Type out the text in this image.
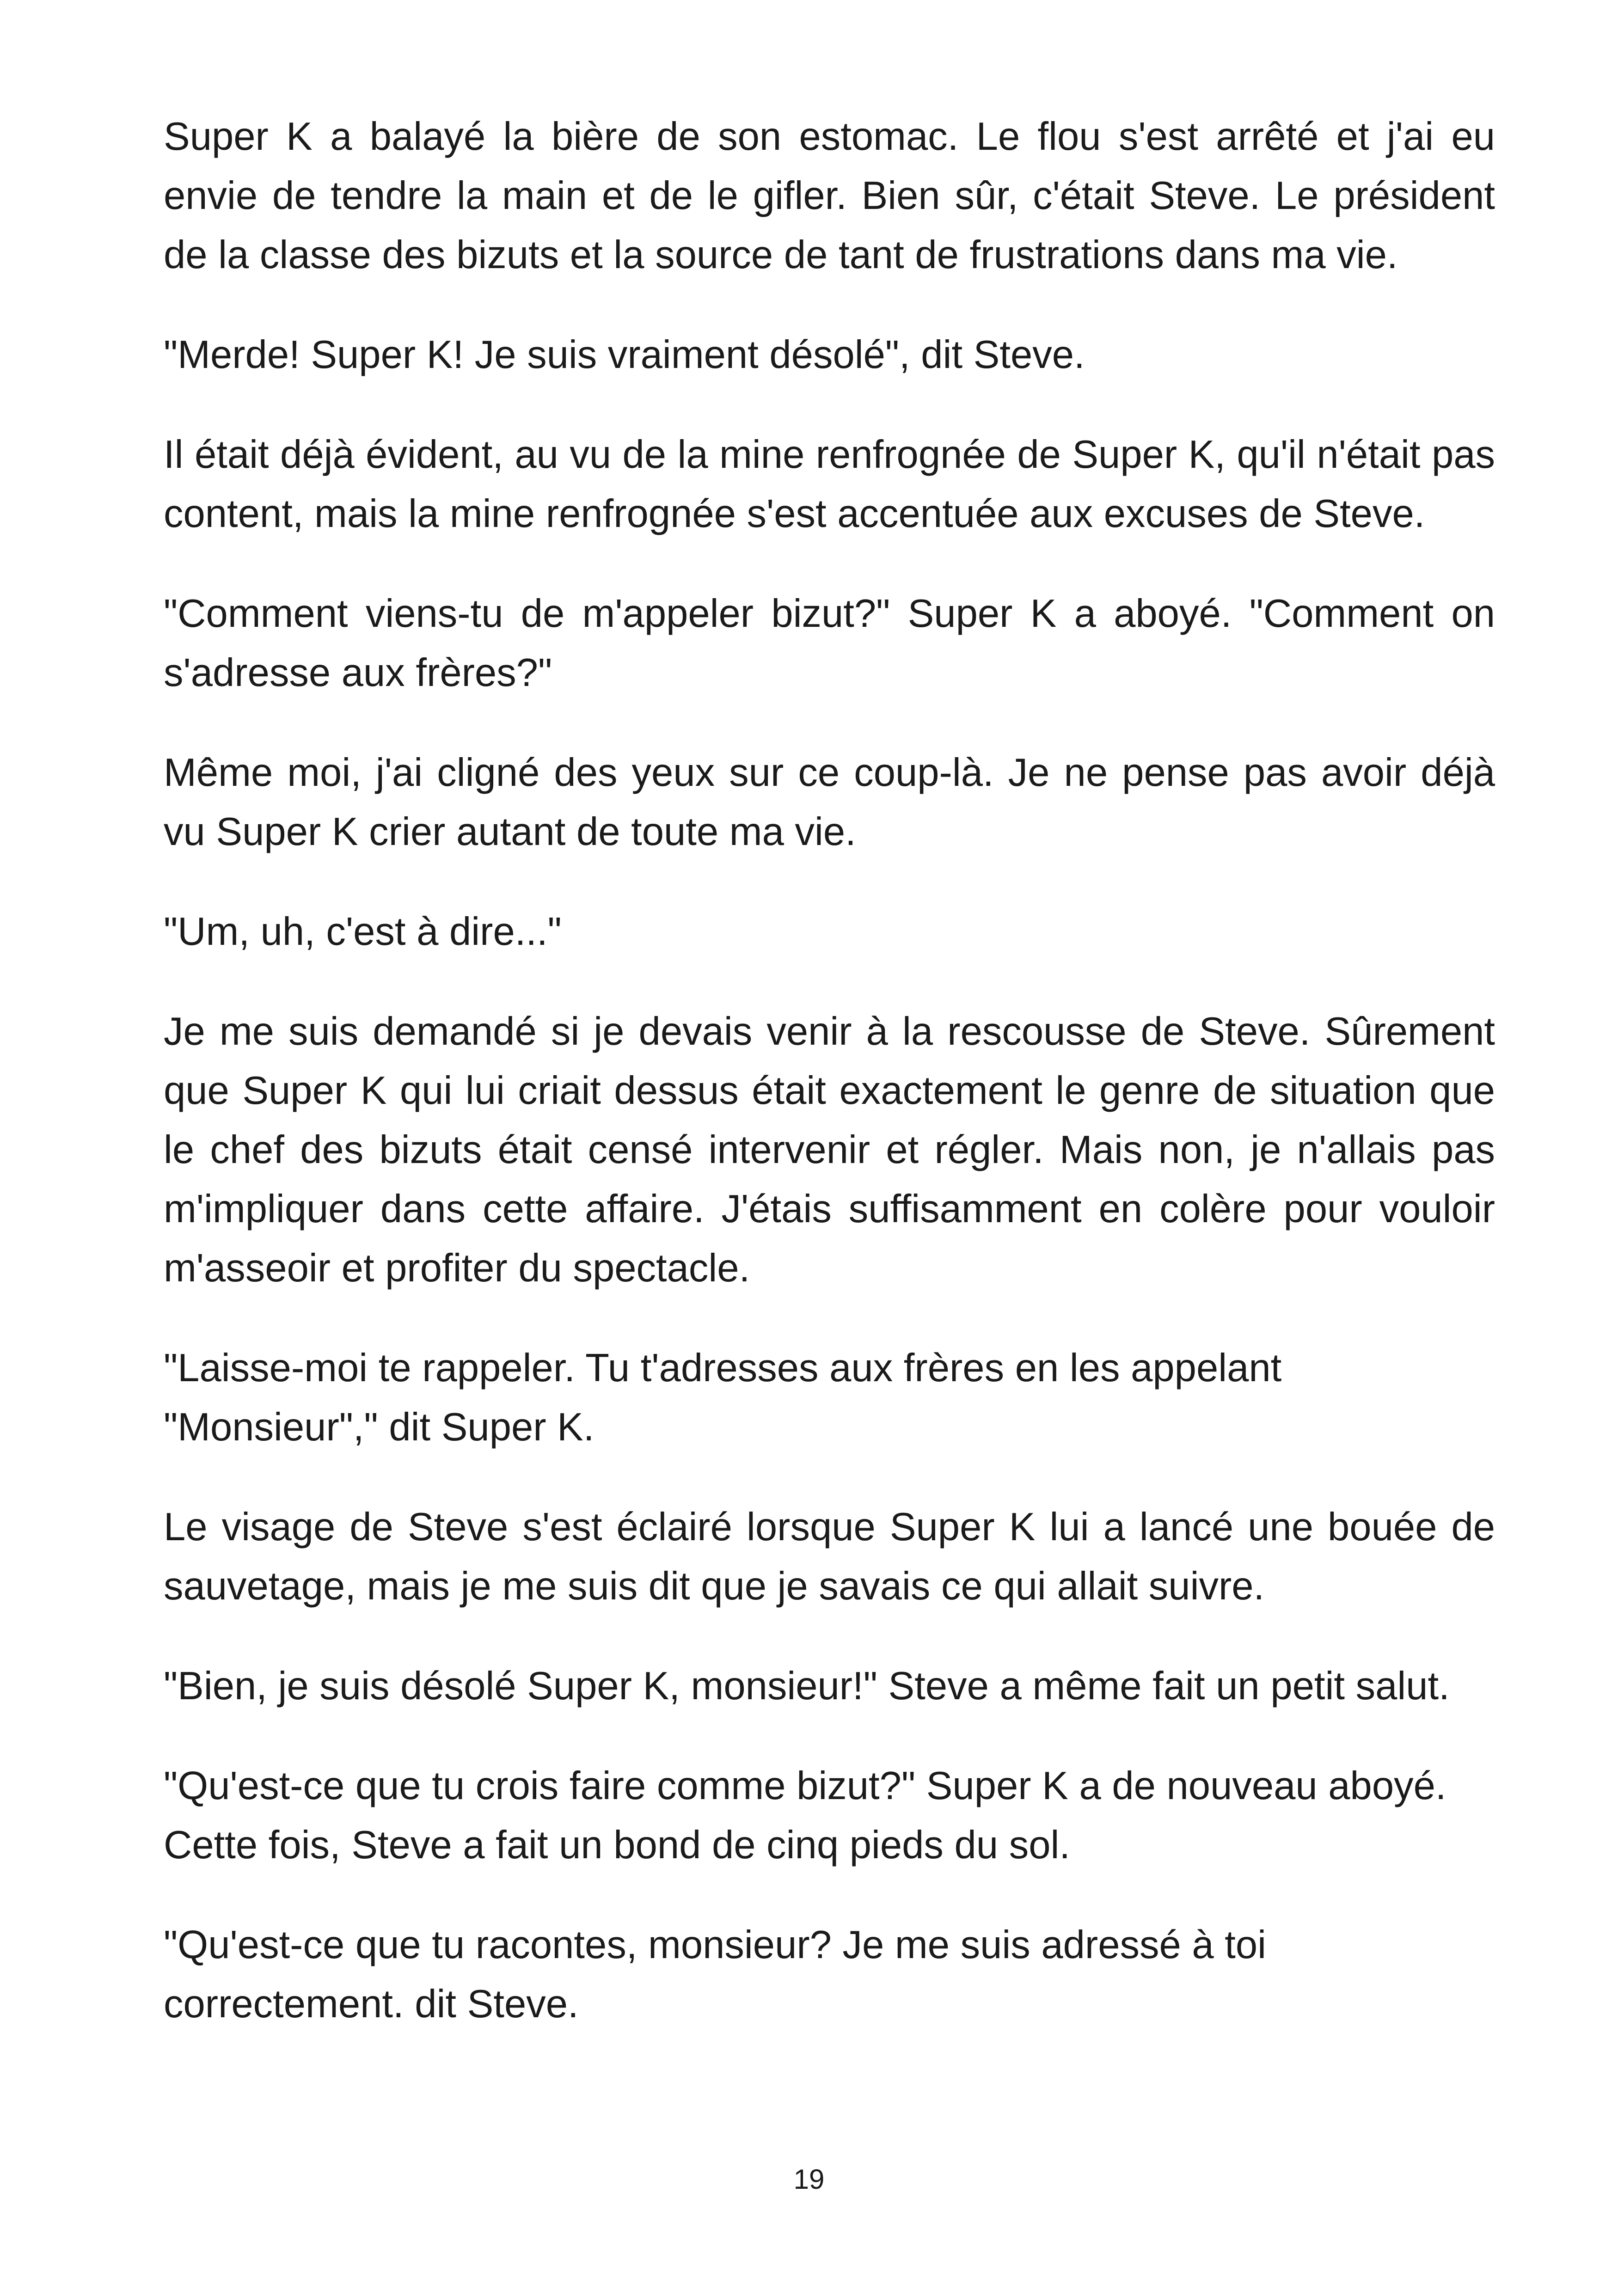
Super K a balayé la bière de son estomac. Le flou s'est arrêté et j'ai eu envie de tendre la main et de le gifler. Bien sûr, c'était Steve. Le président de la classe des bizuts et la source de tant de frustrations dans ma vie.

"Merde! Super K! Je suis vraiment désolé", dit Steve.

Il était déjà évident, au vu de la mine renfrognée de Super K, qu'il n'était pas content, mais la mine renfrognée s'est accentuée aux excuses de Steve.

"Comment viens-tu de m'appeler bizut?" Super K a aboyé. "Comment on s'adresse aux frères?"

Même moi, j'ai cligné des yeux sur ce coup-là. Je ne pense pas avoir déjà vu Super K crier autant de toute ma vie.

"Um, uh, c'est à dire..."

Je me suis demandé si je devais venir à la rescousse de Steve. Sûrement que Super K qui lui criait dessus était exactement le genre de situation que le chef des bizuts était censé intervenir et régler. Mais non, je n'allais pas m'impliquer dans cette affaire. J'étais suffisamment en colère pour vouloir m'asseoir et profiter du spectacle.

"Laisse-moi te rappeler. Tu t'adresses aux frères en les appelant "Monsieur"," dit Super K.

Le visage de Steve s'est éclairé lorsque Super K lui a lancé une bouée de sauvetage, mais je me suis dit que je savais ce qui allait suivre.

"Bien, je suis désolé Super K, monsieur!" Steve a même fait un petit salut.

"Qu'est-ce que tu crois faire comme bizut?" Super K a de nouveau aboyé. Cette fois, Steve a fait un bond de cinq pieds du sol.

"Qu'est-ce que tu racontes, monsieur? Je me suis adressé à toi correctement. dit Steve.

19
